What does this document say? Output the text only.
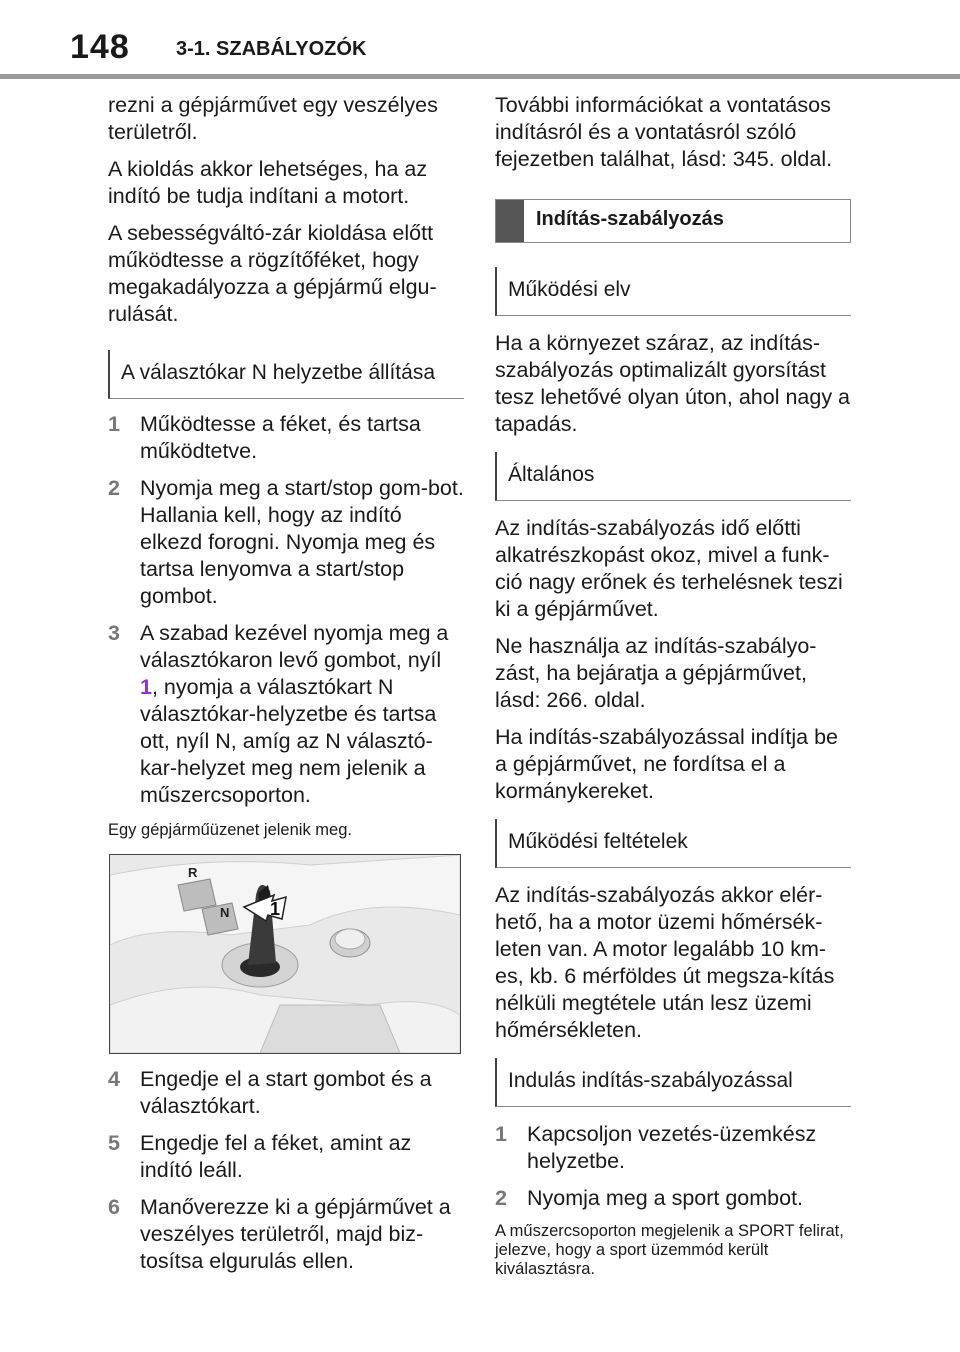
148 3-1. SZABÁLYOZÓK

rezni a gépjárművet egy veszélyes területről.

A kioldás akkor lehetséges, ha az indító be tudja indítani a motort.

A sebességváltó-zár kioldása előtt működtesse a rögzítőféket, hogy megakadályozza a gépjármű elgu-rulását.

A választókar N helyzetbe állítása
1 Működtesse a féket, és tartsa működtetve.
2 Nyomja meg a start/stop gom-bot. Hallania kell, hogy az indító elkezd forogni. Nyomja meg és tartsa lenyomva a start/stop gombot.
3 A szabad kezével nyomja meg a választókaron levő gombot, nyíl 1, nyomja a választókart N választókar-helyzetbe és tartsa ott, nyíl N, amíg az N választó-kar-helyzet meg nem jelenik a műszercsoporton.

Egy gépjárműüzenet jelenik meg.

R
N 1
4 Engedje el a start gombot és a választókart.
5 Engedje fel a féket, amint az indító leáll.
6 Manőverezze ki a gépjárművet a veszélyes területről, majd biz-tosítsa elgurulás ellen.

További információkat a vontatásos indításról és a vontatásról szóló fejezetben találhat, lásd: 345. oldal.

Indítás-szabályozás
Működési elv

Ha a környezet száraz, az indítás-szabályozás optimalizált gyorsítást tesz lehetővé olyan úton, ahol nagy a tapadás.

Általános

Az indítás-szabályozás idő előtti alkatrészkopást okoz, mivel a funk-ció nagy erőnek és terhelésnek teszi ki a gépjárművet.

Ne használja az indítás-szabályo-zást, ha bejáratja a gépjárművet, lásd: 266. oldal.

Ha indítás-szabályozással indítja be a gépjárművet, ne fordítsa el a kormánykereket.

Működési feltételek

Az indítás-szabályozás akkor elér-hető, ha a motor üzemi hőmérsék-leten van. A motor legalább 10 km-es, kb. 6 mérföldes út megsza-kítás nélküli megtétele után lesz üzemi hőmérsékleten.

Indulás indítás-szabályozással
1 Kapcsoljon vezetés-üzemkész helyzetbe.
2 Nyomja meg a sport gombot.

A műszercsoporton megjelenik a SPORT felirat, jelezve, hogy a sport üzemmód került kiválasztásra.
